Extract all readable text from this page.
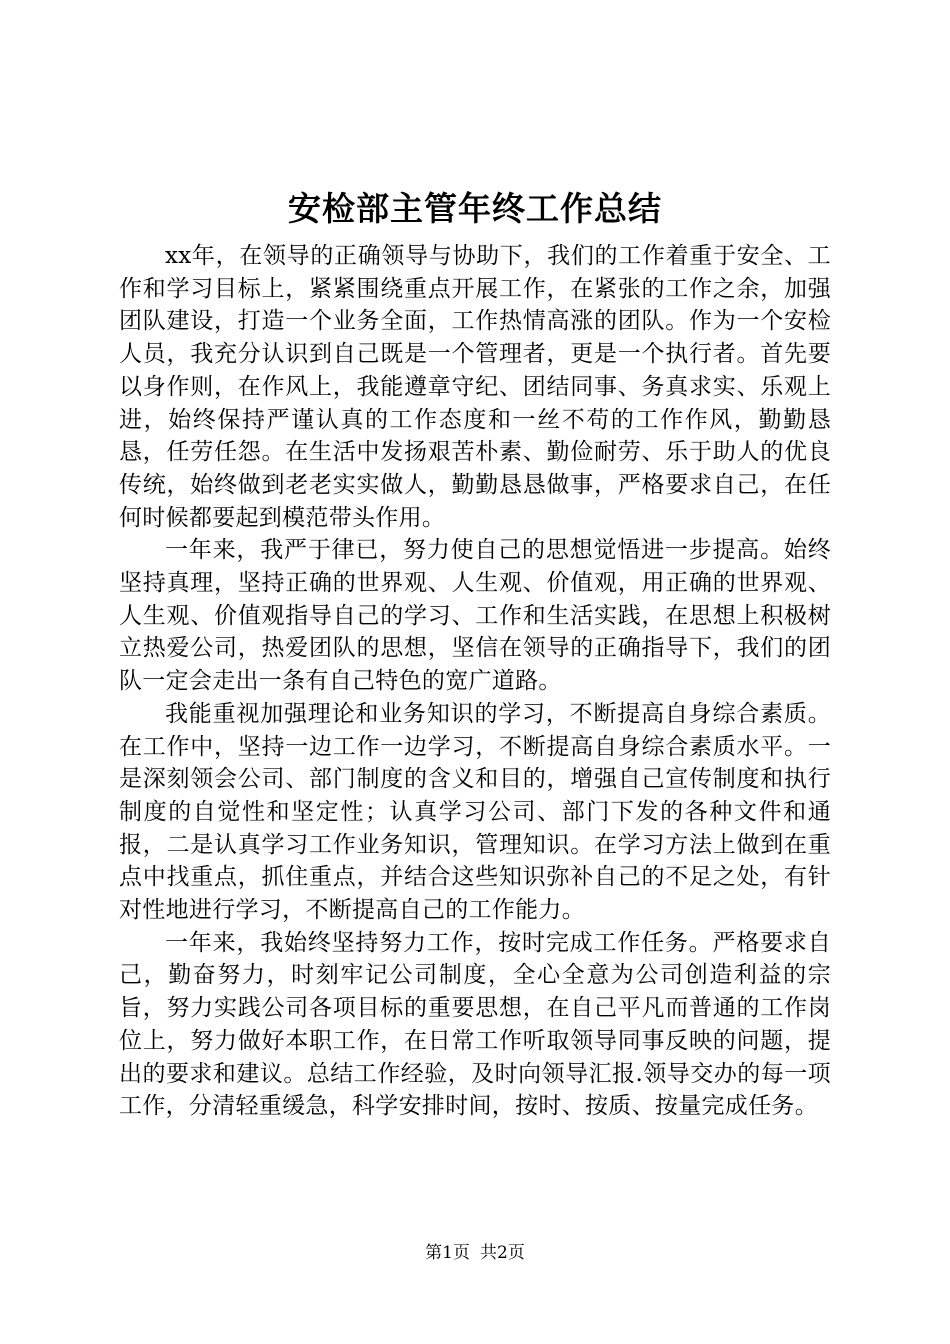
安检部主管年终工作总结

xx年，在领导的正确领导与协助下，我们的工作着重于安全、工作和学习目标上，紧紧围绕重点开展工作，在紧张的工作之余，加强团队建设，打造一个业务全面，工作热情高涨的团队。作为一个安检人员，我充分认识到自己既是一个管理者，更是一个执行者。首先要以身作则，在作风上，我能遵章守纪、团结同事、务真求实、乐观上进，始终保持严谨认真的工作态度和一丝不苟的工作作风，勤勤恳恳，任劳任怨。在生活中发扬艰苦朴素、勤俭耐劳、乐于助人的优良传统，始终做到老老实实做人，勤勤恳恳做事，严格要求自己，在任何时候都要起到模范带头作用。

一年来，我严于律已，努力使自己的思想觉悟进一步提高。始终坚持真理，坚持正确的世界观、人生观、价值观，用正确的世界观、人生观、价值观指导自己的学习、工作和生活实践，在思想上积极树立热爱公司，热爱团队的思想，坚信在领导的正确指导下，我们的团队一定会走出一条有自己特色的宽广道路。

我能重视加强理论和业务知识的学习，不断提高自身综合素质。在工作中，坚持一边工作一边学习，不断提高自身综合素质水平。一是深刻领会公司、部门制度的含义和目的，增强自己宣传制度和执行制度的自觉性和坚定性；认真学习公司、部门下发的各种文件和通报，二是认真学习工作业务知识，管理知识。在学习方法上做到在重点中找重点，抓住重点，并结合这些知识弥补自己的不足之处，有针对性地进行学习，不断提高自己的工作能力。

一年来，我始终坚持努力工作，按时完成工作任务。严格要求自己，勤奋努力，时刻牢记公司制度，全心全意为公司创造利益的宗旨，努力实践公司各项目标的重要思想，在自己平凡而普通的工作岗位上，努力做好本职工作，在日常工作听取领导同事反映的问题，提出的要求和建议。总结工作经验，及时向领导汇报.领导交办的每一项工作，分清轻重缓急，科学安排时间，按时、按质、按量完成任务。

第1页 共2页
